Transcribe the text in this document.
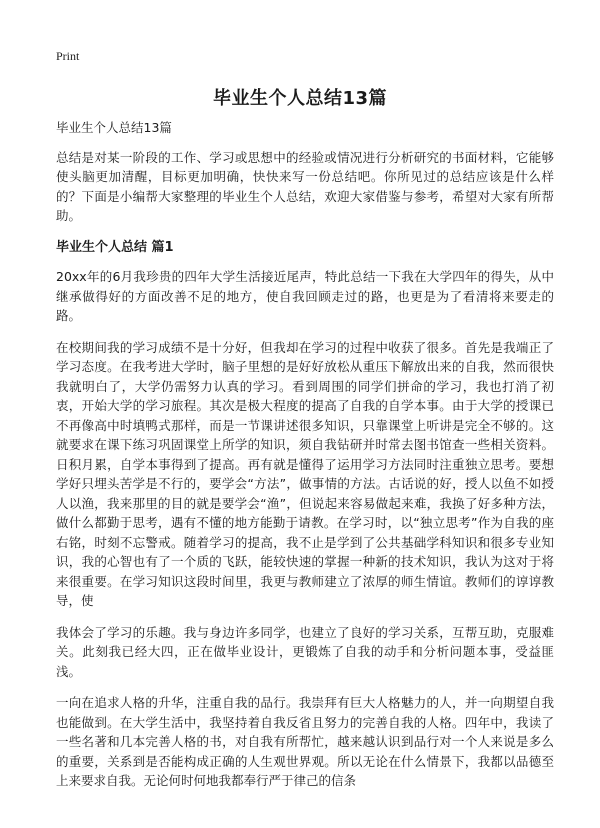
Print
毕业生个人总结13篇

毕业生个人总结13篇

总结是对某一阶段的工作、学习或思想中的经验或情况进行分析研究的书面材料，它能够使头脑更加清醒，目标更加明确，快快来写一份总结吧。你所见过的总结应该是什么样的？下面是小编帮大家整理的毕业生个人总结，欢迎大家借鉴与参考，希望对大家有所帮助。

毕业生个人总结 篇1

20xx年的6月我珍贵的四年大学生活接近尾声，特此总结一下我在大学四年的得失，从中继承做得好的方面改善不足的地方，使自我回顾走过的路，也更是为了看清将来要走的路。

在校期间我的学习成绩不是十分好，但我却在学习的过程中收获了很多。首先是我端正了学习态度。在我考进大学时，脑子里想的是好好放松从重压下解放出来的自我，然而很快我就明白了，大学仍需努力认真的学习。看到周围的同学们拼命的学习，我也打消了初衷，开始大学的学习旅程。其次是极大程度的提高了自我的自学本事。由于大学的授课已不再像高中时填鸭式那样，而是一节课讲述很多知识，只靠课堂上听讲是完全不够的。这就要求在课下练习巩固课堂上所学的知识，须自我钻研并时常去图书馆查一些相关资料。日积月累，自学本事得到了提高。再有就是懂得了运用学习方法同时注重独立思考。要想学好只埋头苦学是不行的，要学会“方法”，做事情的方法。古话说的好，授人以鱼不如授人以渔，我来那里的目的就是要学会“渔”，但说起来容易做起来难，我换了好多种方法，做什么都勤于思考，遇有不懂的地方能勤于请教。在学习时，以“独立思考”作为自我的座右铭，时刻不忘警戒。随着学习的提高，我不止是学到了公共基础学科知识和很多专业知识，我的心智也有了一个质的飞跃，能较快速的掌握一种新的技术知识，我认为这对于将来很重要。在学习知识这段时间里，我更与教师建立了浓厚的师生情谊。教师们的谆谆教导，使

我体会了学习的乐趣。我与身边许多同学，也建立了良好的学习关系，互帮互助，克服难关。此刻我已经大四，正在做毕业设计，更锻炼了自我的动手和分析问题本事，受益匪浅。

一向在追求人格的升华，注重自我的品行。我崇拜有巨大人格魅力的人，并一向期望自我也能做到。在大学生活中，我坚持着自我反省且努力的完善自我的人格。四年中，我读了一些名著和几本完善人格的书，对自我有所帮忙，越来越认识到品行对一个人来说是多么的重要，关系到是否能构成正确的人生观世界观。所以无论在什么情景下，我都以品德至上来要求自我。无论何时何地我都奉行严于律己的信条
